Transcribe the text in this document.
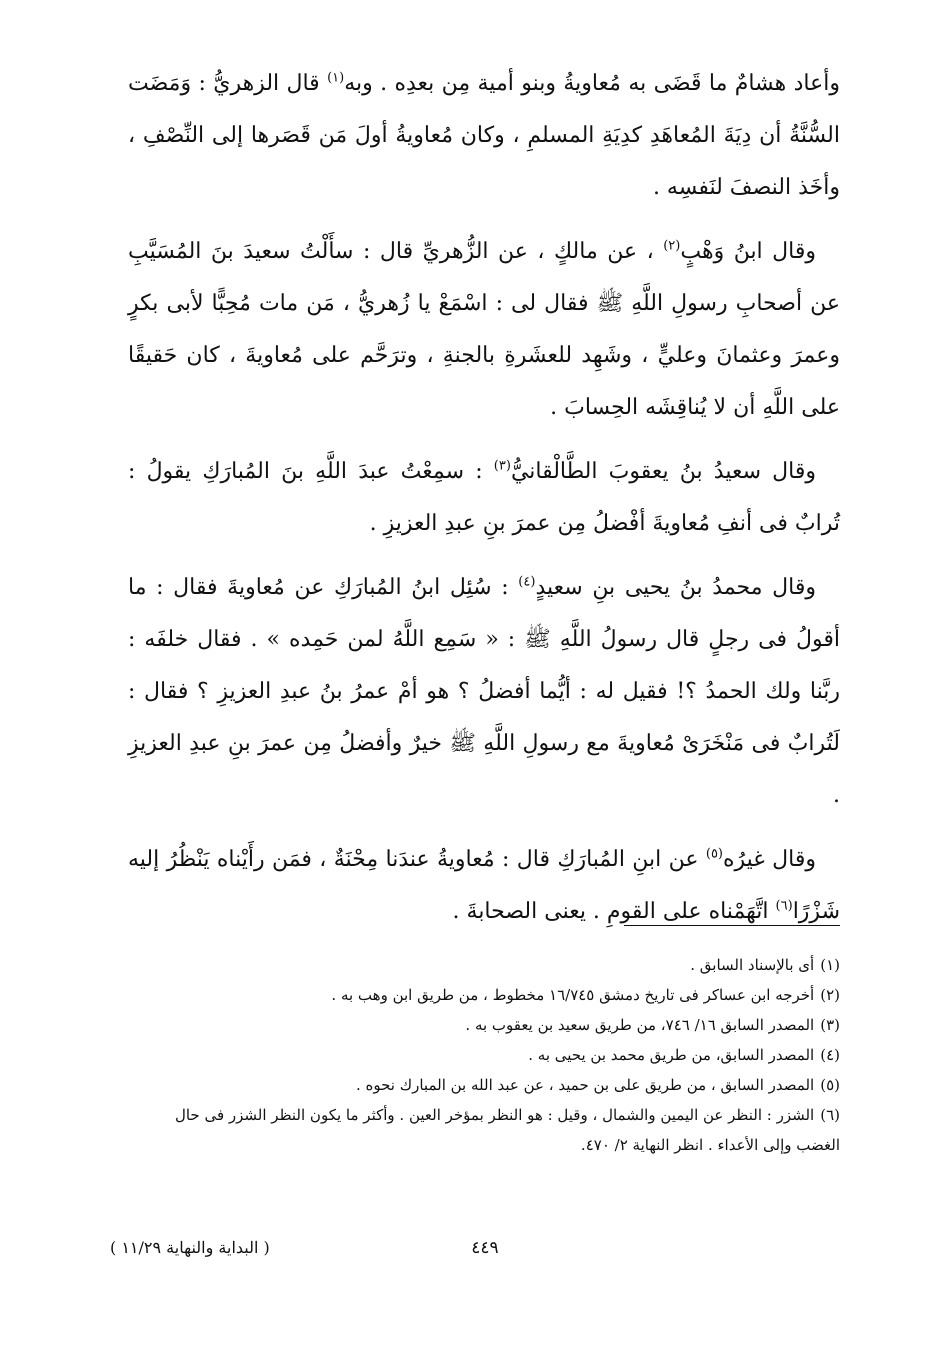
وأعاد هشامٌ ما قَضَى به مُعاويةُ وبنو أمية مِن بعدِه . وبه$^{(١)}$ قال الزهريُّ : وَمَضَت السُّنَّةُ أن دِيَةَ المُعاهَدِ كدِيَةِ المسلمِ ، وكان مُعاويةُ أولَ مَن قَصَرها إلى النِّصْفِ ، وأخَذ النصفَ لنَفسِه .

وقال ابنُ وَهْبٍ$^{(٢)}$ ، عن مالكٍ ، عن الزُّهريِّ قال : سأَلْتُ سعيدَ بنَ المُسَيَّبِ عن أصحابِ رسولِ اللَّهِ ﷺ فقال لى : اسْمَعْ يا زُهريُّ ، مَن مات مُحِبًّا لأبى بكرٍ وعمرَ وعثمانَ وعليٍّ ، وشَهِد للعشَرةِ بالجنةِ ، وترَحَّم على مُعاويةَ ، كان حَقيقًا على اللَّهِ أن لا يُناقِشَه الحِسابَ .

وقال سعيدُ بنُ يعقوبَ الطَّالْقانيُّ$^{(٣)}$ : سمِعْتُ عبدَ اللَّهِ بنَ المُبارَكِ يقولُ : تُرابٌ فى أنفِ مُعاويةَ أفْضلُ مِن عمرَ بنِ عبدِ العزيزِ .

وقال محمدُ بنُ يحيى بنِ سعيدٍ$^{(٤)}$ : سُئِل ابنُ المُبارَكِ عن مُعاويةَ فقال : ما أقولُ فى رجلٍ قال رسولُ اللَّهِ ﷺ : « سَمِع اللَّهُ لمن حَمِده » . فقال خلفَه : ربَّنا ولك الحمدُ ؟! فقيل له : أيُّما أفضلُ ؟ هو أمْ عمرُ بنُ عبدِ العزيزِ ؟ فقال : لَتُرابٌ فى مَنْخَرَىْ مُعاويةَ مع رسولِ اللَّهِ ﷺ خيرٌ وأفضلُ مِن عمرَ بنِ عبدِ العزيزِ .

وقال غيرُه$^{(٥)}$ عن ابنِ المُبارَكِ قال : مُعاويةُ عندَنا مِحْنَةٌ ، فمَن رأَيْناه يَنْظُرُ إليه شَزْرًا$^{(٦)}$ اتَّهَمْناه على القومِ . يعنى الصحابةَ .

(١)أى بالإسناد السابق .

(٢)أخرجه ابن عساكر فى تاريخ دمشق ١٦/٧٤٥ مخطوط ، من طريق ابن وهب به .

(٣)المصدر السابق ١٦/ ٧٤٦، من طريق سعيد بن يعقوب به .

(٤)المصدر السابق، من طريق محمد بن يحيى به .

(٥)المصدر السابق ، من طريق على بن حميد ، عن عبد الله بن المبارك نحوه .

(٦)الشزر : النظر عن اليمين والشمال ، وقيل : هو النظر بمؤخر العين . وأكثر ما يكون النظر الشزر فى حال الغضب وإلى الأعداء . انظر النهاية ٢/ ٤٧٠.

٤٤٩
( البداية والنهاية ١١/٢٩ )
